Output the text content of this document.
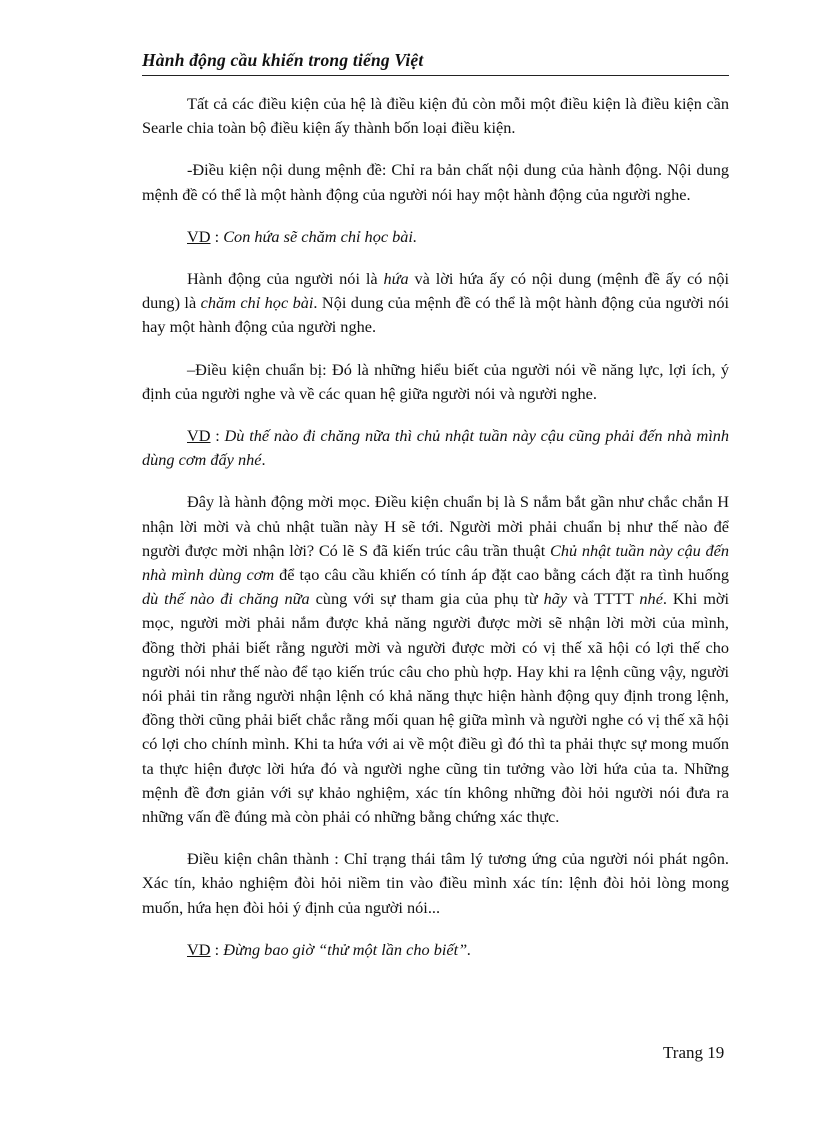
Hành động cầu khiến trong tiếng Việt

Tất cả các điều kiện của hệ là điều kiện đủ còn mỗi một điều kiện là điều kiện cần Searle chia toàn bộ điều kiện ấy thành bốn loại điều kiện.

-Điều kiện nội dung mệnh đề: Chỉ ra bản chất nội dung của hành động. Nội dung mệnh đề có thể là một hành động của người nói hay một hành động của người nghe.

VD : Con hứa sẽ chăm chỉ học bài.

Hành động của người nói là hứa và lời hứa ấy có nội dung (mệnh đề ấy có nội dung) là chăm chỉ học bài. Nội dung của mệnh đề có thể là một hành động của người nói hay một hành động của người nghe.

–Điều kiện chuẩn bị: Đó là những hiểu biết của người nói về năng lực, lợi ích, ý định của người nghe và về các quan hệ giữa người nói và người nghe.

VD : Dù thế nào đi chăng nữa thì chủ nhật tuần này cậu cũng phải đến nhà mình dùng cơm đấy nhé.

Đây là hành động mời mọc. Điều kiện chuẩn bị là S nắm bắt gần như chắc chắn H nhận lời mời và chủ nhật tuần này H sẽ tới. Người mời phải chuẩn bị như thế nào để người được mời nhận lời? Có lẽ S đã kiến trúc câu trần thuật Chủ nhật tuần này cậu đến nhà mình dùng cơm để tạo câu cầu khiến có tính áp đặt cao bằng cách đặt ra tình huống dù thế nào đi chăng nữa cùng với sự tham gia của phụ từ hãy và TTTT nhé. Khi mời mọc, người mời phải nắm được khả năng người được mời sẽ nhận lời mời của mình, đồng thời phải biết rằng người mời và người được mời có vị thế xã hội có lợi thế cho người nói như thế nào để tạo kiến trúc câu cho phù hợp. Hay khi ra lệnh cũng vậy, người nói phải tin rằng người nhận lệnh có khả năng thực hiện hành động quy định trong lệnh, đồng thời cũng phải biết chắc rằng mối quan hệ giữa mình và người nghe có vị thế xã hội có lợi cho chính mình. Khi ta hứa với ai về một điều gì đó thì ta phải thực sự mong muốn ta thực hiện được lời hứa đó và người nghe cũng tin tưởng vào lời hứa của ta. Những mệnh đề đơn giản với sự khảo nghiệm, xác tín không những đòi hỏi người nói đưa ra những vấn đề đúng mà còn phải có những bằng chứng xác thực.

Điều kiện chân thành : Chỉ trạng thái tâm lý tương ứng của người nói phát ngôn. Xác tín, khảo nghiệm đòi hỏi niềm tin vào điều mình xác tín: lệnh đòi hỏi lòng mong muốn, hứa hẹn đòi hỏi ý định của người nói...

VD : Đừng bao giờ “thử một lần cho biết”.

Trang 19
